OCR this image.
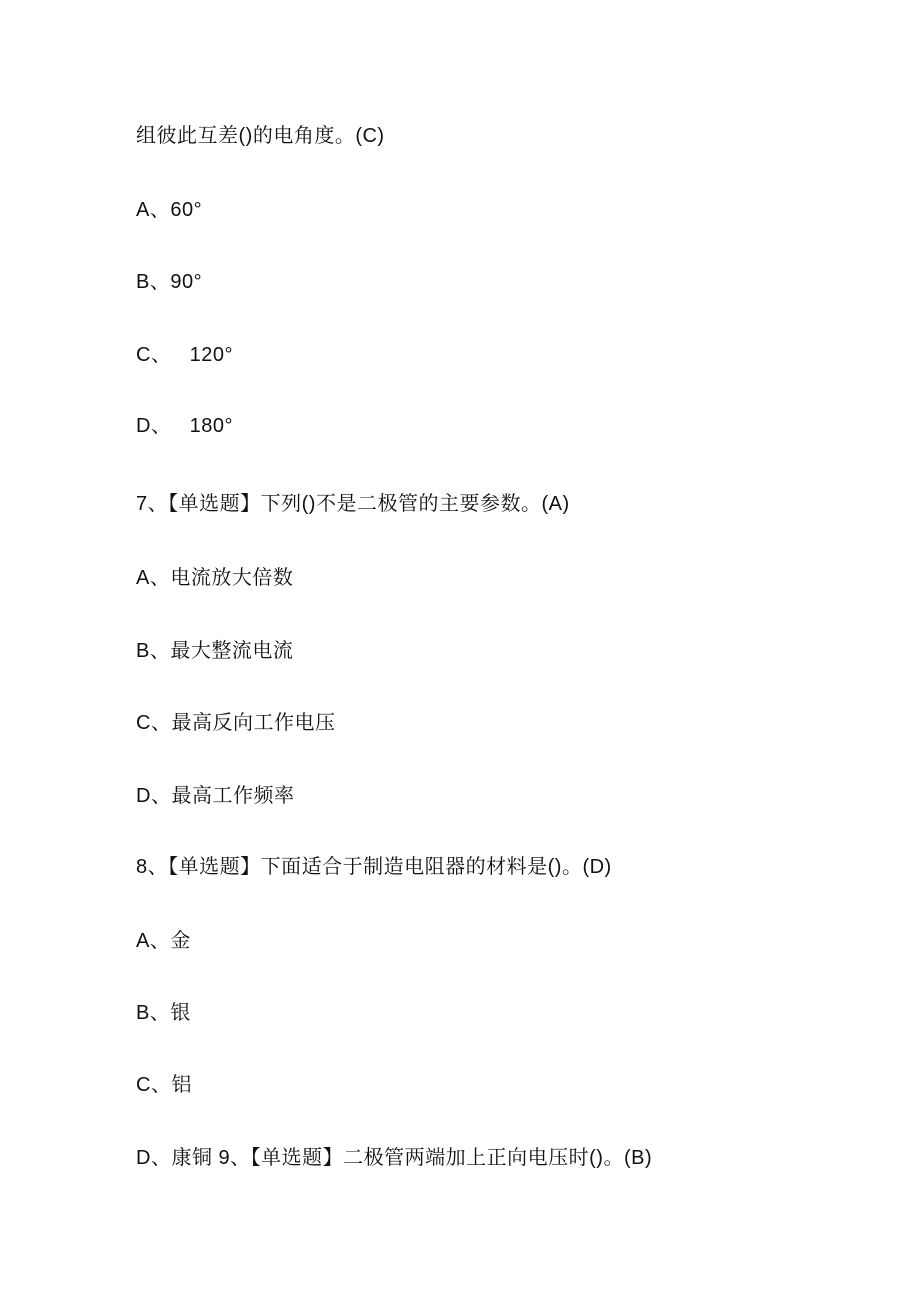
组彼此互差()的电角度。(C)
A、60°
B、90°
C、   120°
D、   180°
7、【单选题】下列()不是二极管的主要参数。(A)
A、电流放大倍数
B、最大整流电流
C、最高反向工作电压
D、最高工作频率
8、【单选题】下面适合于制造电阻器的材料是()。(D)
A、金
B、银
C、铝
D、康铜 9、【单选题】二极管两端加上正向电压时()。(B)
